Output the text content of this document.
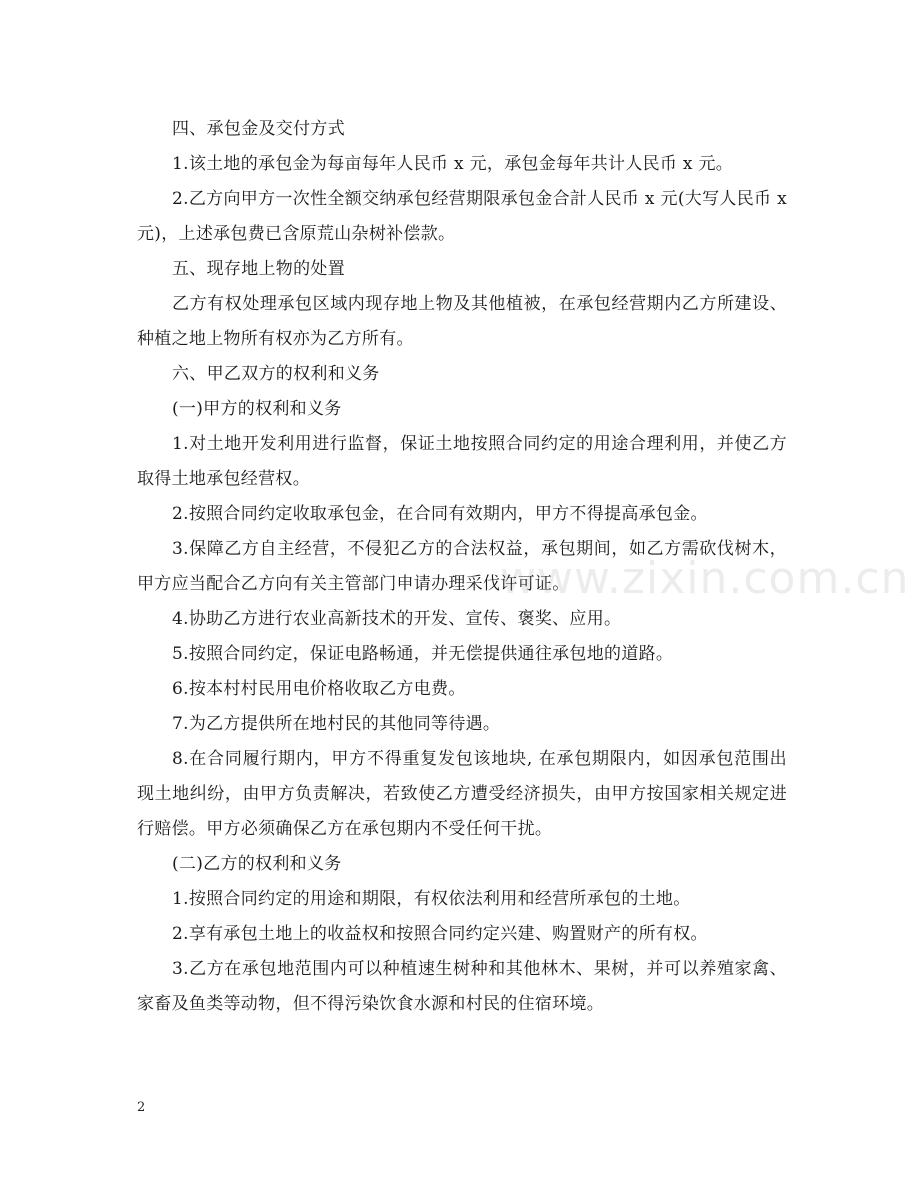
四、承包金及交付方式

1.该土地的承包金为每亩每年人民币 x 元，承包金每年共计人民币 x 元。

2.乙方向甲方一次性全额交纳承包经营期限承包金合計人民币 x 元(大写人民币 x 元)，上述承包费已含原荒山杂树补偿款。

五、现存地上物的处置

乙方有权处理承包区域内现存地上物及其他植被，在承包经营期内乙方所建设、种植之地上物所有权亦为乙方所有。

六、甲乙双方的权利和义务

(一)甲方的权利和义务

1.对土地开发利用进行监督，保证土地按照合同约定的用途合理利用，并使乙方取得土地承包经营权。

2.按照合同约定收取承包金，在合同有效期内，甲方不得提高承包金。

3.保障乙方自主经营，不侵犯乙方的合法权益，承包期间，如乙方需砍伐树木，甲方应当配合乙方向有关主管部门申请办理采伐许可证。

4.协助乙方进行农业高新技术的开发、宣传、褒奖、应用。

5.按照合同约定，保证电路畅通，并无偿提供通往承包地的道路。

6.按本村村民用电价格收取乙方电费。

7.为乙方提供所在地村民的其他同等待遇。

8.在合同履行期内，甲方不得重复发包该地块, 在承包期限内，如因承包范围出现土地纠纷，由甲方负责解决，若致使乙方遭受经济损失，由甲方按国家相关规定进行赔偿。甲方必须确保乙方在承包期内不受任何干扰。

(二)乙方的权利和义务

1.按照合同约定的用途和期限，有权依法利用和经营所承包的土地。

2.享有承包土地上的收益权和按照合同约定兴建、购置财产的所有权。

3.乙方在承包地范围内可以种植速生树种和其他林木、果树，并可以养殖家禽、家畜及鱼类等动物，但不得污染饮食水源和村民的住宿环境。

www.zixin.com.cn
2
